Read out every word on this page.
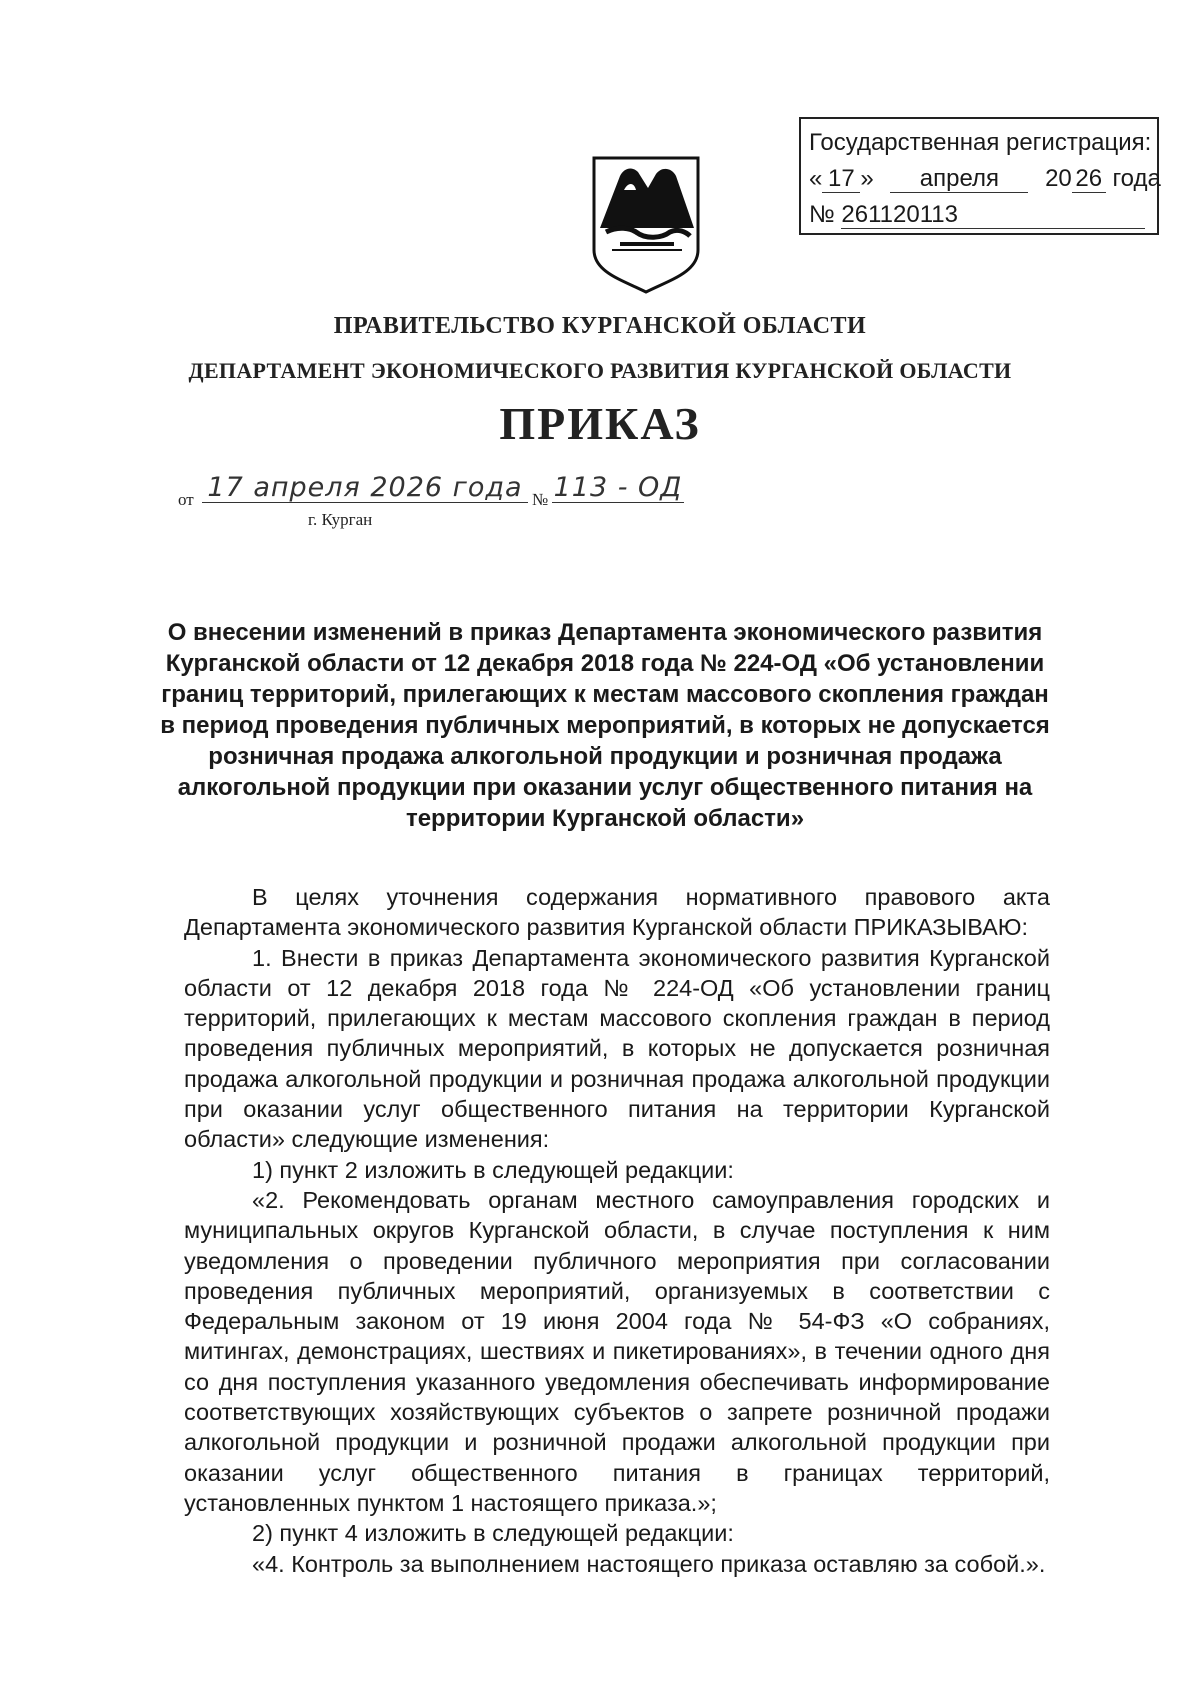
Государственная регистрация:
« 17 » апреля 20 26 года
№ 261120113
ПРАВИТЕЛЬСТВО КУРГАНСКОЙ ОБЛАСТИ
ДЕПАРТАМЕНТ ЭКОНОМИЧЕСКОГО РАЗВИТИЯ КУРГАНСКОЙ ОБЛАСТИ
ПРИКАЗ
от 17 апреля 2026 года № 113 - ОД
г. Курган
О внесении изменений в приказ Департамента экономического развития Курганской области от 12 декабря 2018 года № 224-ОД «Об установлении границ территорий, прилегающих к местам массового скопления граждан в период проведения публичных мероприятий, в которых не допускается розничная продажа алкогольной продукции и розничная продажа алкогольной продукции при оказании услуг общественного питания на территории Курганской области»

В целях уточнения содержания нормативного правового акта Департамента экономического развития Курганской области ПРИКАЗЫВАЮ:

1. Внести в приказ Департамента экономического развития Курганской области от 12 декабря 2018 года № 224-ОД «Об установлении границ территорий, прилегающих к местам массового скопления граждан в период проведения публичных мероприятий, в которых не допускается розничная продажа алкогольной продукции и розничная продажа алкогольной продукции при оказании услуг общественного питания на территории Курганской области» следующие изменения:

1) пункт 2 изложить в следующей редакции:

«2. Рекомендовать органам местного самоуправления городских и муниципальных округов Курганской области, в случае поступления к ним уведомления о проведении публичного мероприятия при согласовании проведения публичных мероприятий, организуемых в соответствии с Федеральным законом от 19 июня 2004 года № 54-ФЗ «О собраниях, митингах, демонстрациях, шествиях и пикетированиях», в течении одного дня со дня поступления указанного уведомления обеспечивать информирование соответствующих хозяйствующих субъектов о запрете розничной продажи алкогольной продукции и розничной продажи алкогольной продукции при оказании услуг общественного питания в границах территорий, установленных пунктом 1 настоящего приказа.»;

2) пункт 4 изложить в следующей редакции:

«4. Контроль за выполнением настоящего приказа оставляю за собой.».
